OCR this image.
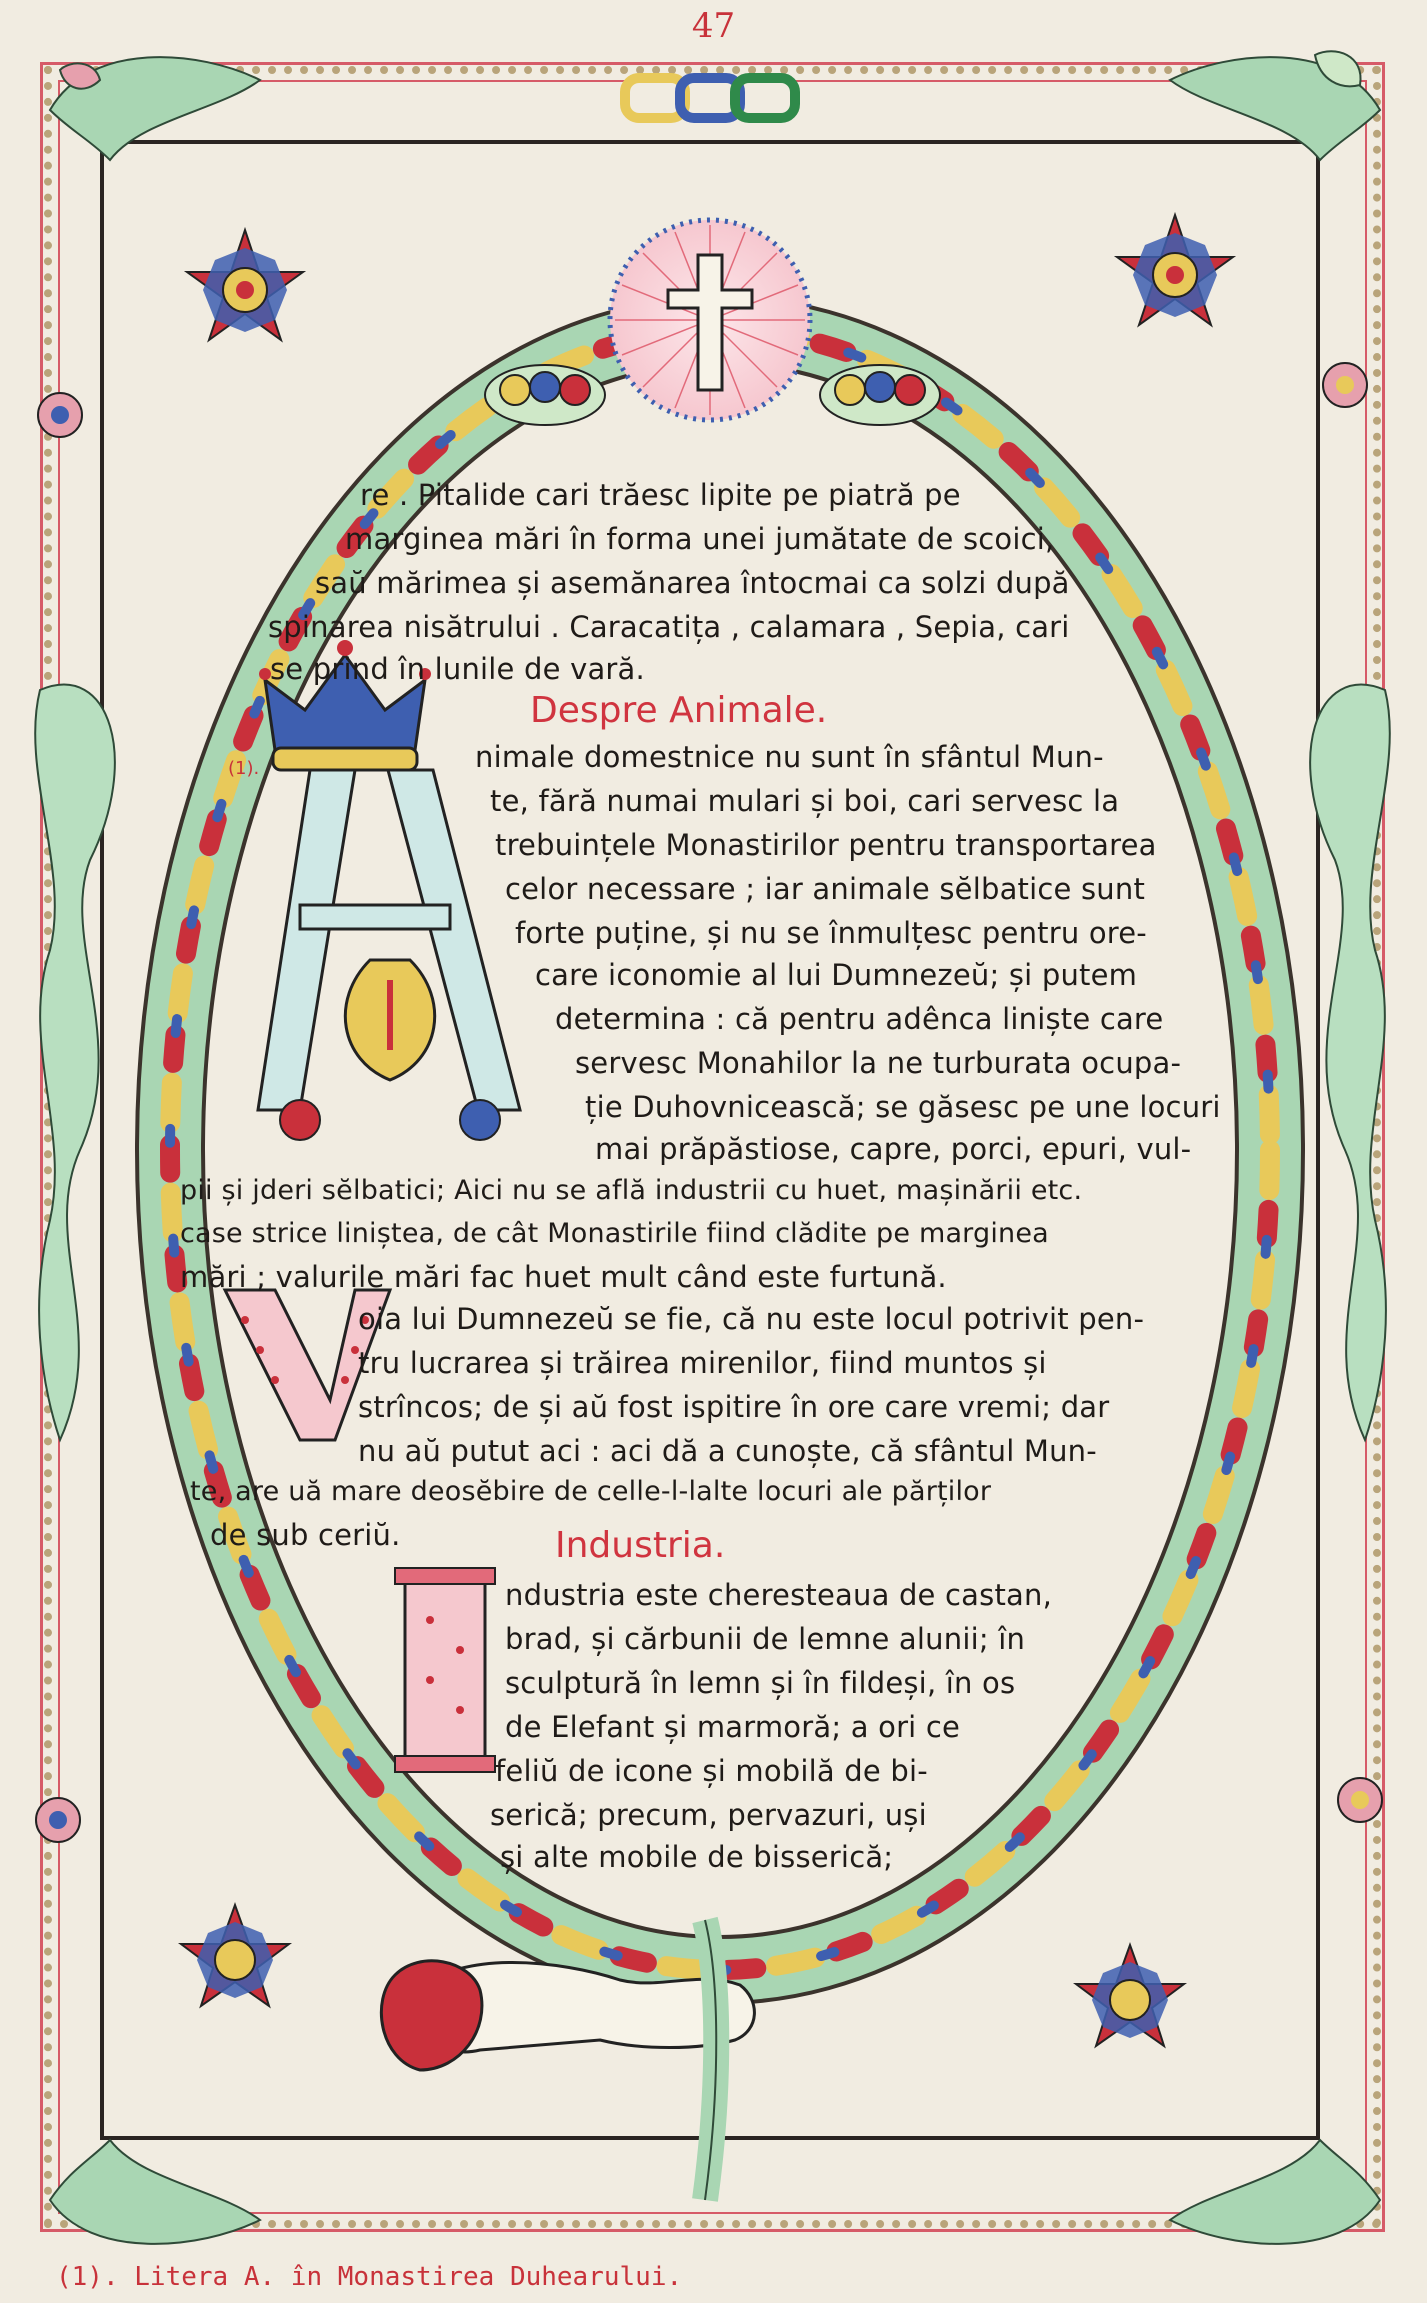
47
(1).
re . Pitalide cari trăesc lipite pe piatră pe
marginea mări în forma unei jumătate de scoici,
saŭ mărimea și asemănarea întocmai ca solzi după
spinarea nisătrului . Caracatița , calamara , Sepia, cari
se prind în lunile de vară.
Despre Animale.
nimale domestnice nu sunt în sfântul Mun-
te, fără numai mulari și boi, cari servesc la
trebuințele Monastirilor pentru transportarea
celor necessare ; iar animale sĕlbatice sunt
forte puține, și nu se înmulțesc pentru ore-
care iconomie al lui Dumnezeŭ; și putem
determina : că pentru adênca liniște care
servesc Monahilor la ne turburata ocupa-
ție Duhovnicească; se găsesc pe une locuri
mai prăpăstiose, capre, porci, epuri, vul-
pii și jderi sĕlbatici; Aici nu se află industrii cu huet, mașinării etc.
case strice liniștea, de cât Monastirile fiind clădite pe marginea
mări ; valurile mări fac huet mult când este furtună.
oia lui Dumnezeŭ se fie, că nu este locul potrivit pen-
tru lucrarea și trăirea mirenilor, fiind muntos și
strîncos; de și aŭ fost ispitire în ore care vremi; dar
nu aŭ putut aci : aci dă a cunoște, că sfântul Mun-
te, are uă mare deosĕbire de celle-l-lalte locuri ale părților
de sub ceriŭ.	Industria.
ndustria este cheresteaua de castan,
brad, și cărbunii de lemne alunii; în
sculptură în lemn și în fildeși, în os
de Elefant și marmoră; a ori ce
feliŭ de icone și mobilă de bi-
serică; precum, pervazuri, uși
și alte mobile de bisserică;
(1). Litera A. în Monastirea Duhearului.
